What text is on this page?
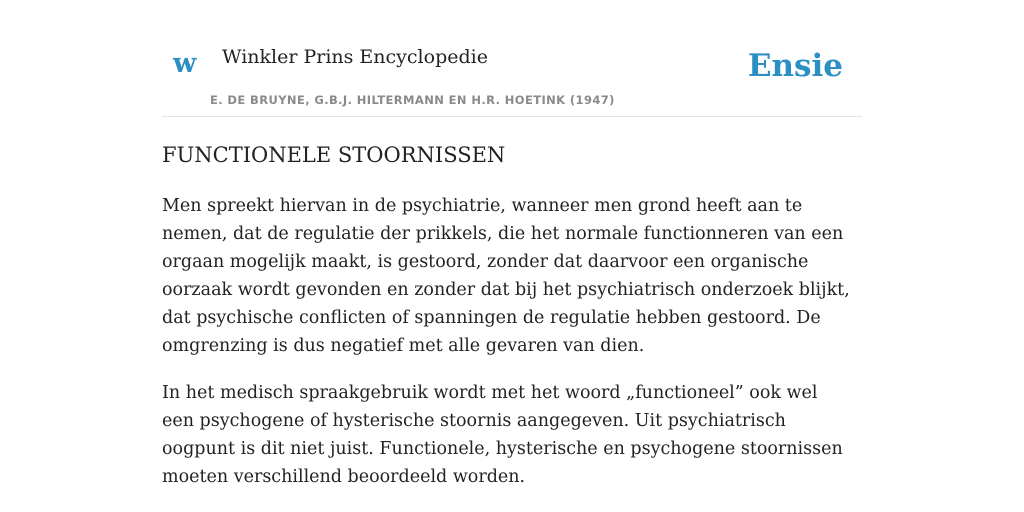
w Winkler Prins Encyclopedie
E. DE BRUYNE, G.B.J. HILTERMANN EN H.R. HOETINK (1947)
Ensie
FUNCTIONELE STOORNISSEN

Men spreekt hiervan in de psychiatrie, wanneer men grond heeft aan te nemen, dat de regulatie der prikkels, die het normale functionneren van een orgaan mogelijk maakt, is gestoord, zonder dat daarvoor een organische oorzaak wordt gevonden en zonder dat bij het psychiatrisch onderzoek blijkt, dat psychische conflicten of spanningen de regulatie hebben gestoord. De omgrenzing is dus negatief met alle gevaren van dien.

In het medisch spraakgebruik wordt met het woord „functioneel” ook wel een psychogene of hysterische stoornis aangegeven. Uit psychiatrisch oogpunt is dit niet juist. Functionele, hysterische en psychogene stoornissen moeten verschillend beoordeeld worden.
